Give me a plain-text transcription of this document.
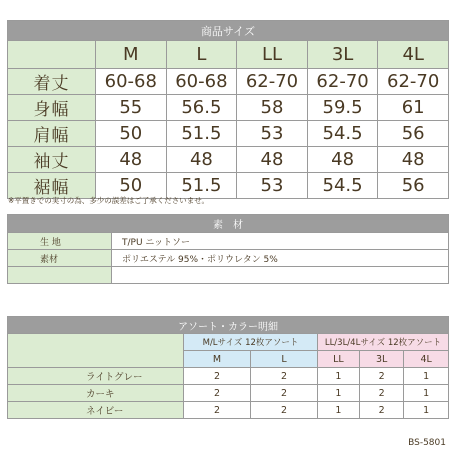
商品サイズ					
	M	L	LL	3L	4L
着丈	60-68	60-68	62-70	62-70	62-70
身幅	55	56.5	58	59.5	61
肩幅	50	51.5	53	54.5	56
袖丈	48	48	48	48	48
裾幅	50	51.5	53	54.5	56
※平置きでの実寸の為、多少の誤差はご了承くださいませ。
素　材	
生 地	T/PU ニットソー
素材	ポリエステル 95%・ポリウレタン 5%

アソート・カラー明細					
	M/Lサイズ 12枚アソート		LL/3L/4Lサイズ 12枚アソート		
	M	L	LL	3L	4L
ライトグレー	2	2	1	2	1
カーキ	2	2	1	2	1
ネイビー	2	2	1	2	1
BS-5801
